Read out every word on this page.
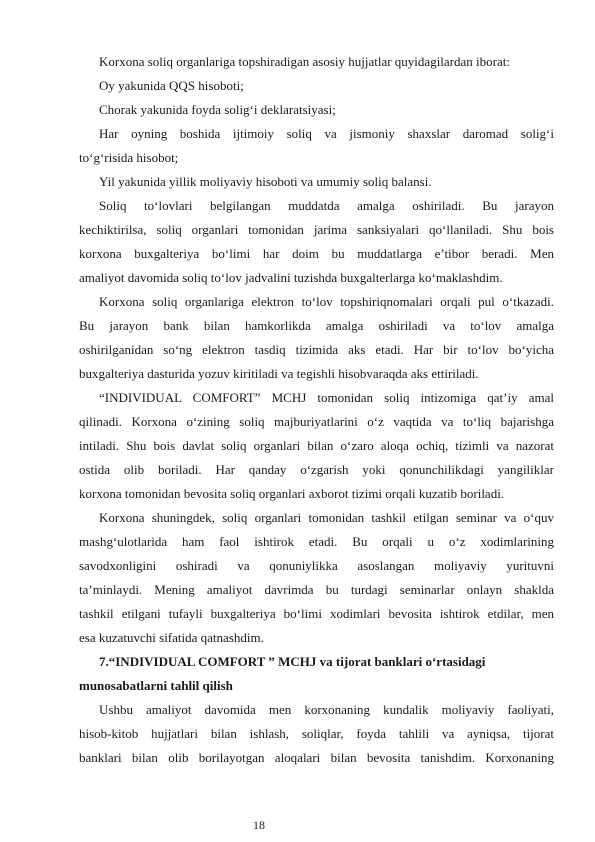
Korxona soliq organlariga topshiradigan asosiy hujjatlar quyidagilardan iborat:
Oy yakunida QQS hisoboti;
Chorak yakunida foyda solig‘i deklaratsiyasi;
Har oyning boshida ijtimoiy soliq va jismoniy shaxslar daromad solig‘i
to‘g‘risida hisobot;
Yil yakunida yillik moliyaviy hisoboti va umumiy soliq balansi.
Soliq to‘lovlari belgilangan muddatda amalga oshiriladi. Bu jarayon
kechiktirilsa, soliq organlari tomonidan jarima sanksiyalari qo‘llaniladi. Shu bois
korxona buxgalteriya bo‘limi har doim bu muddatlarga e’tibor beradi. Men
amaliyot davomida soliq to‘lov jadvalini tuzishda buxgalterlarga ko‘maklashdim.
Korxona soliq organlariga elektron to‘lov topshiriqnomalari orqali pul o‘tkazadi.
Bu jarayon bank bilan hamkorlikda amalga oshiriladi va to‘lov amalga
oshirilganidan so‘ng elektron tasdiq tizimida aks etadi. Har bir to‘lov bo‘yicha
buxgalteriya dasturida yozuv kiritiladi va tegishli hisobvaraqda aks ettiriladi.
“INDIVIDUAL COMFORT” MCHJ tomonidan soliq intizomiga qat’iy amal
qilinadi. Korxona o‘zining soliq majburiyatlarini o‘z vaqtida va to‘liq bajarishga
intiladi. Shu bois davlat soliq organlari bilan o‘zaro aloqa ochiq, tizimli va nazorat
ostida olib boriladi. Har qanday o‘zgarish yoki qonunchilikdagi yangiliklar
korxona tomonidan bevosita soliq organlari axborot tizimi orqali kuzatib boriladi.
Korxona shuningdek, soliq organlari tomonidan tashkil etilgan seminar va o‘quv
mashg‘ulotlarida ham faol ishtirok etadi. Bu orqali u o‘z xodimlarining
savodxonligini oshiradi va qonuniylikka asoslangan moliyaviy yurituvni
ta’minlaydi. Mening amaliyot davrimda bu turdagi seminarlar onlayn shaklda
tashkil etilgani tufayli buxgalteriya bo‘limi xodimlari bevosita ishtirok etdilar, men
esa kuzatuvchi sifatida qatnashdim.

7.“INDIVIDUAL COMFORT ” MCHJ va tijorat banklari o‘rtasidagi

munosabatlarni tahlil qilish

Ushbu amaliyot davomida men korxonaning kundalik moliyaviy faoliyati,
hisob-kitob hujjatlari bilan ishlash, soliqlar, foyda tahlili va ayniqsa, tijorat
banklari bilan olib borilayotgan aloqalari bilan bevosita tanishdim. Korxonaning
18
